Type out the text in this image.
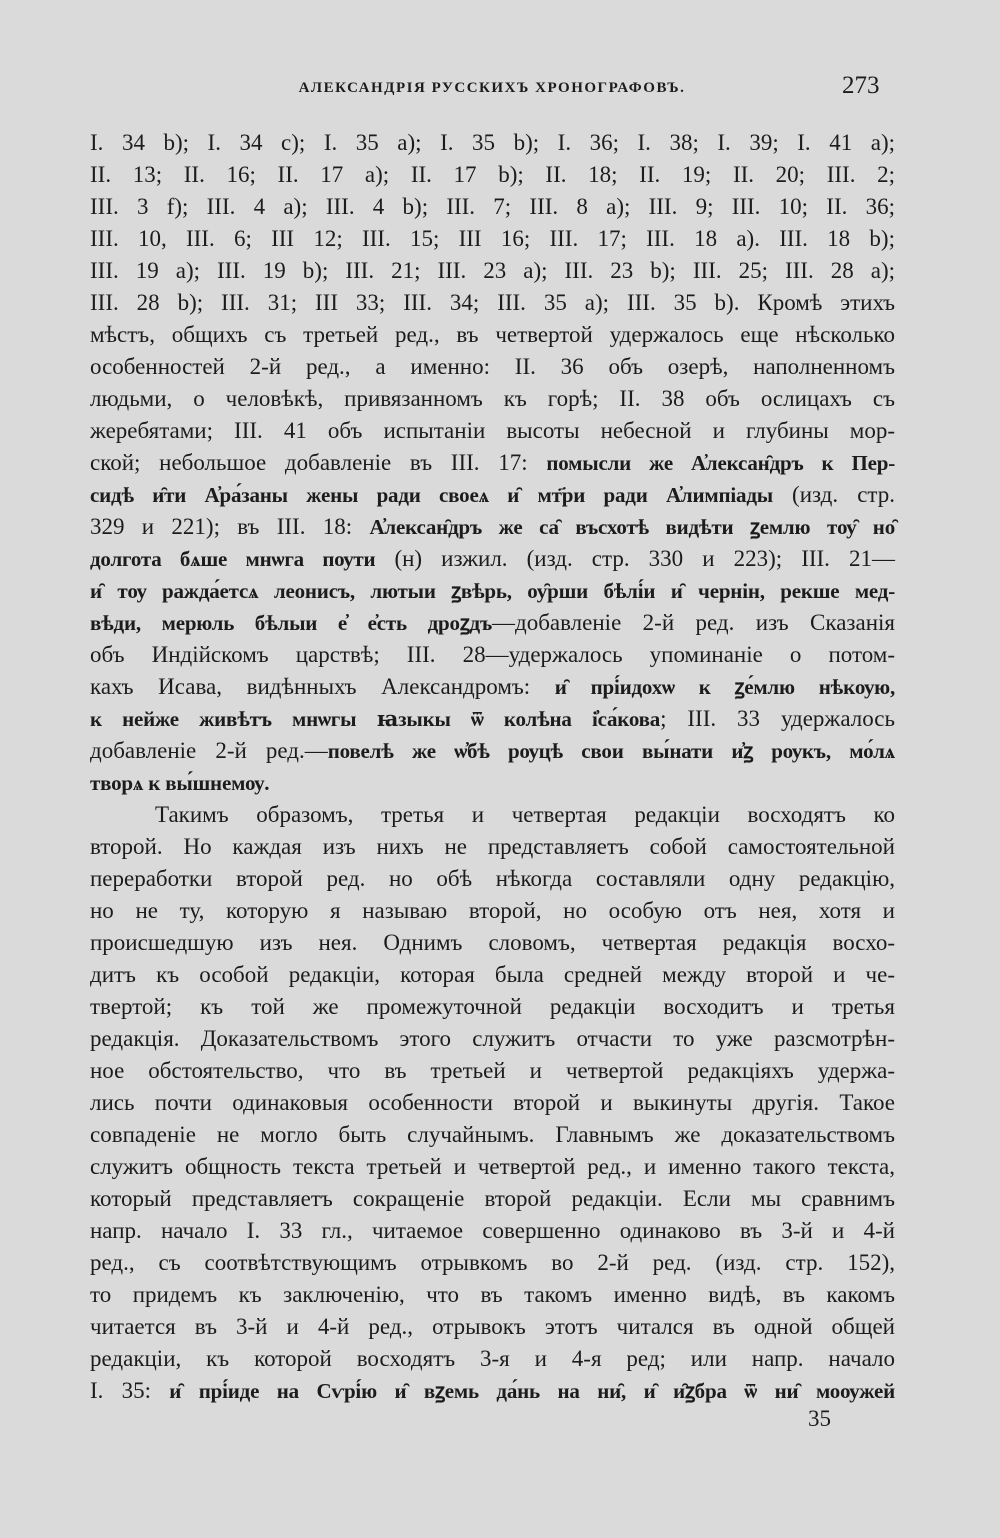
АЛЕКСАНДРІЯ РУССКИХЪ ХРОНОГРАФОВЪ.	273
I. 34 b); I. 34 c); I. 35 a); I. 35 b); I. 36; I. 38; I. 39; I. 41 a);
II. 13; II. 16; II. 17 a); II. 17 b); II. 18; II. 19; II. 20; III. 2;
III. 3 f); III. 4 a); III. 4 b); III. 7; III. 8 a); III. 9; III. 10; II. 36;
III. 10, III. 6; III 12; III. 15; III 16; III. 17; III. 18 a). III. 18 b);
III. 19 a); III. 19 b); III. 21; III. 23 a); III. 23 b); III. 25; III. 28 a);
III. 28 b); III. 31; III 33; III. 34; III. 35 a); III. 35 b). Кромѣ этихъ
мѣстъ, общихъ съ третьей ред., въ четвертой удержалось еще нѣсколько
особенностей 2-й ред., а именно: II. 36 объ озерѣ, наполненномъ
людьми, о человѣкѣ, привязанномъ къ горѣ; II. 38 объ ослицахъ съ
жеребятами; III. 41 объ испытаніи высоты небесной и глубины мор-
ской; небольшое добавленіе въ III. 17: помысли же А҆лексан̑дръ к Пер-
сидѣ и̑ти А҆ра́заны жены ради своеѧ и̑ мт҃ри ради А҆лимпіады (изд. стр.
329 и 221); въ III. 18: А҆лексан̑дръ же са̑ въсхотѣ видѣти ꙁемлю тѹ̑ но̑
долгота бѧше мнѡга пѹти (н) изжил. (изд. стр. 330 и 223); III. 21—
и̑ тѹ ражда́етсѧ леонисъ, лютыи ꙁвѣрь, оу̑рши бѣлі́и и̑ чернін, рекше мед-
вѣди, мерюль бѣлыи е҆ е҆сть дроꙁдъ—добавленіе 2-й ред. изъ Сказанія
объ Индійскомъ царствѣ; III. 28—удержалось упоминаніе о потом-
кахъ Исава, видѣнныхъ Александромъ: и̑ прі́идохѡ к ꙁе́млю нѣкѹю,
к нейже живѣтъ мнѡгы ꙗзыкы ѿ колѣна і҆са́кова; III. 33 удержалось
добавленіе 2-й ред.—повелѣ же ѡ҆бѣ рѹцѣ свои вы́нати и҆ꙁ рѹкъ, мо́лѧ
творѧ к вы́шнемѹ.
Такимъ образомъ, третья и четвертая редакціи восходятъ ко
второй. Но каждая изъ нихъ не представляетъ собой самостоятельной
переработки второй ред. но обѣ нѣкогда составляли одну редакцію,
но не ту, которую я называю второй, но особую отъ нея, хотя и
происшедшую изъ нея. Однимъ словомъ, четвертая редакція восхо-
дитъ къ особой редакціи, которая была средней между второй и че-
твертой; къ той же промежуточной редакціи восходитъ и третья
редакція. Доказательствомъ этого служитъ отчасти то уже разсмотрѣн-
ное обстоятельство, что въ третьей и четвертой редакціяхъ удержа-
лись почти одинаковыя особенности второй и выкинуты другія. Такое
совпаденіе не могло быть случайнымъ. Главнымъ же доказательствомъ
служитъ общность текста третьей и четвертой ред., и именно такого текста,
который представляетъ сокращеніе второй редакціи. Если мы сравнимъ
напр. начало I. 33 гл., читаемое совершенно одинаково въ 3-й и 4-й
ред., съ соотвѣтствующимъ отрывкомъ во 2-й ред. (изд. стр. 152),
то придемъ къ заключенію, что въ такомъ именно видѣ, въ какомъ
читается въ 3-й и 4-й ред., отрывокъ этотъ читался въ одной общей
редакціи, къ которой восходятъ 3-я и 4-я ред; или напр. начало
I. 35: и̑ прі́иде на Сѵрі́ю и̑ вꙁемь да́нь на ни̑, и̑ и̑ꙁбра ѿ ни̑ моѹжей
35
